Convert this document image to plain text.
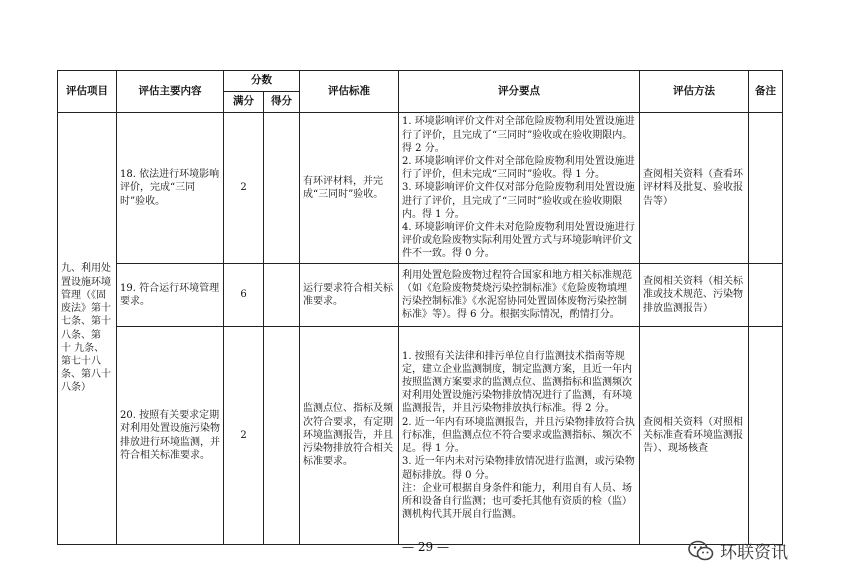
评估项目	评估主要内容	分数		评估标准	评分要点	评估方法	备注
		满分	得分				
九、利用处置设施环境管理（《固废法》第十七条、第十八条、第 十 九条、第七十八条、第八十八条）	18. 依法进行环境影响评价，完成“三同时”验收。	2		有环评材料，并完成“三同时”验收。	1. 环境影响评价文件对全部危险废物利用处置设施进行了评价，且完成了“三同时”验收或在验收期限内。得 2 分。

2. 环境影响评价文件对全部危险废物利用处置设施进行了评价，但未完成“三同时”验收。得 1 分。

3. 环境影响评价文件仅对部分危险废物利用处置设施进行了评价，且完成了“三同时”验收或在验收期限内。得 1 分。

4. 环境影响评价文件未对危险废物利用处置设施进行评价或危险废物实际利用处置方式与环境影响评价文件不一致。得 0 分。	查阅相关资料（查看环评材料及批复、验收报告等）	
	19. 符合运行环境管理要求。	6		运行要求符合相关标准要求。	利用处置危险废物过程符合国家和地方相关标准规范（如《危险废物焚烧污染控制标准》《危险废物填埋污染控制标准》《水泥窑协同处置固体废物污染控制标准》等）。得 6 分。根据实际情况，酌情打分。	查阅相关资料（相关标准或技术规范、污染物排放监测报告）	
	20. 按照有关要求定期对利用处置设施污染物排放进行环境监测，并符合相关标准要求。	2		监测点位、指标及频次符合要求，有定期环境监测报告，并且污染物排放符合相关标准要求。	1. 按照有关法律和排污单位自行监测技术指南等规定，建立企业监测制度，制定监测方案，且近一年内按照监测方案要求的监测点位、监测指标和监测频次对利用处置设施污染物排放情况进行了监测，有环境监测报告，并且污染物排放执行标准。得 2 分。

2. 近一年内有环境监测报告，并且污染物排放符合执行标准，但监测点位不符合要求或监测指标、频次不足。得 1 分。

3. 近一年内未对污染物排放情况进行监测，或污染物超标排放。得 0 分。

注：企业可根据自身条件和能力，利用自有人员、场所和设备自行监测；也可委托其他有资质的检（监）测机构代其开展自行监测。	查阅相关资料（对照相关标准查看环境监测报告）、现场核查	
— 29 —	环联资讯
